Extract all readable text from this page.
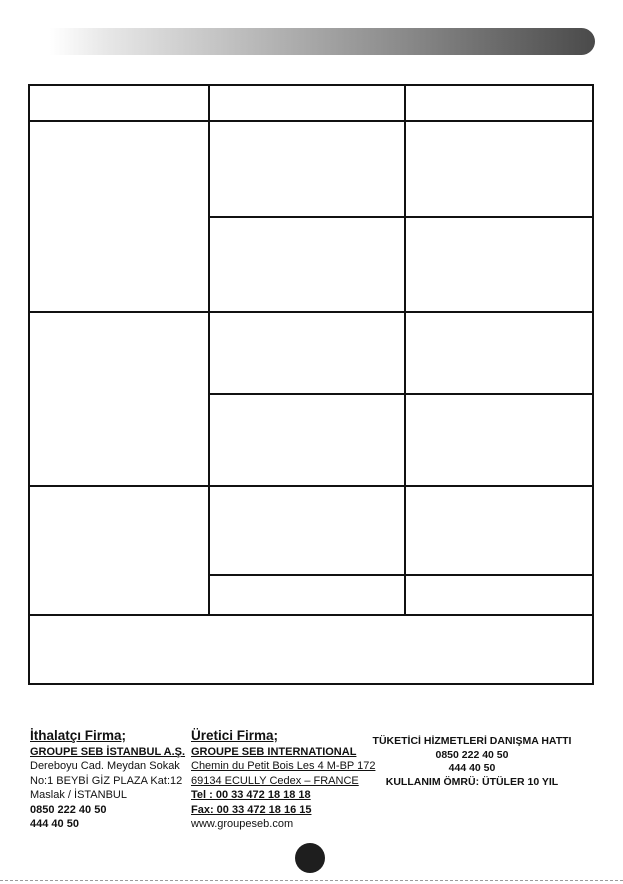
İthalatçı Firma;
GROUPE SEB İSTANBUL A.Ş.
Dereboyu Cad. Meydan Sokak
No:1 BEYBİ GİZ PLAZA Kat:12
Maslak / İSTANBUL
0850 222 40 50
444 40 50
Üretici Firma;
GROUPE SEB INTERNATIONAL
Chemin du Petit Bois Les 4 M-BP 172
69134 ECULLY Cedex – FRANCE
Tel : 00 33 472 18 18 18
Fax: 00 33 472 18 16 15
www.groupeseb.com
TÜKETİCİ HİZMETLERİ DANIŞMA HATTI
0850 222 40 50
444 40 50
KULLANIM ÖMRÜ: ÜTÜLER 10 YIL
